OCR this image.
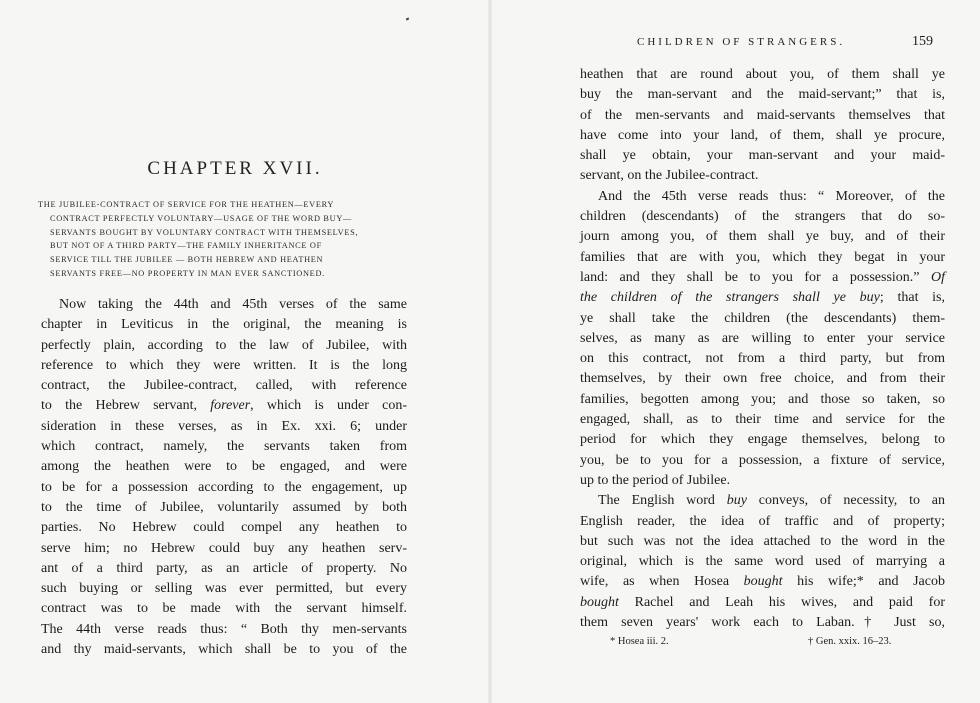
CHAPTER XVII.
THE JUBILEE-CONTRACT OF SERVICE FOR THE HEATHEN—EVERY
CONTRACT PERFECTLY VOLUNTARY—USAGE OF THE WORD BUY—
SERVANTS BOUGHT BY VOLUNTARY CONTRACT WITH THEMSELVES,
BUT NOT OF A THIRD PARTY—THE FAMILY INHERITANCE OF
SERVICE TILL THE JUBILEE — BOTH HEBREW AND HEATHEN
SERVANTS FREE—NO PROPERTY IN MAN EVER SANCTIONED.
Now taking the 44th and 45th verses of the same
chapter in Leviticus in the original, the meaning is
perfectly plain, according to the law of Jubilee, with
reference to which they were written. It is the long
contract, the Jubilee-contract, called, with reference
to the Hebrew servant, forever, which is under con-
sideration in these verses, as in Ex. xxi. 6; under
which contract, namely, the servants taken from
among the heathen were to be engaged, and were
to be for a possession according to the engagement, up
to the time of Jubilee, voluntarily assumed by both
parties. No Hebrew could compel any heathen to
serve him; no Hebrew could buy any heathen serv-
ant of a third party, as an article of property. No
such buying or selling was ever permitted, but every
contract was to be made with the servant himself.
The 44th verse reads thus: “ Both thy men-servants
and thy maid-servants, which shall be to you of the
CHILDREN OF STRANGERS.	159
heathen that are round about you, of them shall ye
buy the man-servant and the maid-servant;” that is,
of the men-servants and maid-servants themselves that
have come into your land, of them, shall ye procure,
shall ye obtain, your man-servant and your maid-
servant, on the Jubilee-contract.
And the 45th verse reads thus: “ Moreover, of the
children (descendants) of the strangers that do so-
journ among you, of them shall ye buy, and of their
families that are with you, which they begat in your
land: and they shall be to you for a possession.” Of
the children of the strangers shall ye buy; that is,
ye shall take the children (the descendants) them-
selves, as many as are willing to enter your service
on this contract, not from a third party, but from
themselves, by their own free choice, and from their
families, begotten among you; and those so taken, so
engaged, shall, as to their time and service for the
period for which they engage themselves, belong to
you, be to you for a possession, a fixture of service,
up to the period of Jubilee.
The English word buy conveys, of necessity, to an
English reader, the idea of traffic and of property;
but such was not the idea attached to the word in the
original, which is the same word used of marrying a
wife, as when Hosea bought his wife;* and Jacob
bought Rachel and Leah his wives, and paid for
them seven years' work each to Laban.† Just so,
* Hosea iii. 2.	† Gen. xxix. 16–23.
